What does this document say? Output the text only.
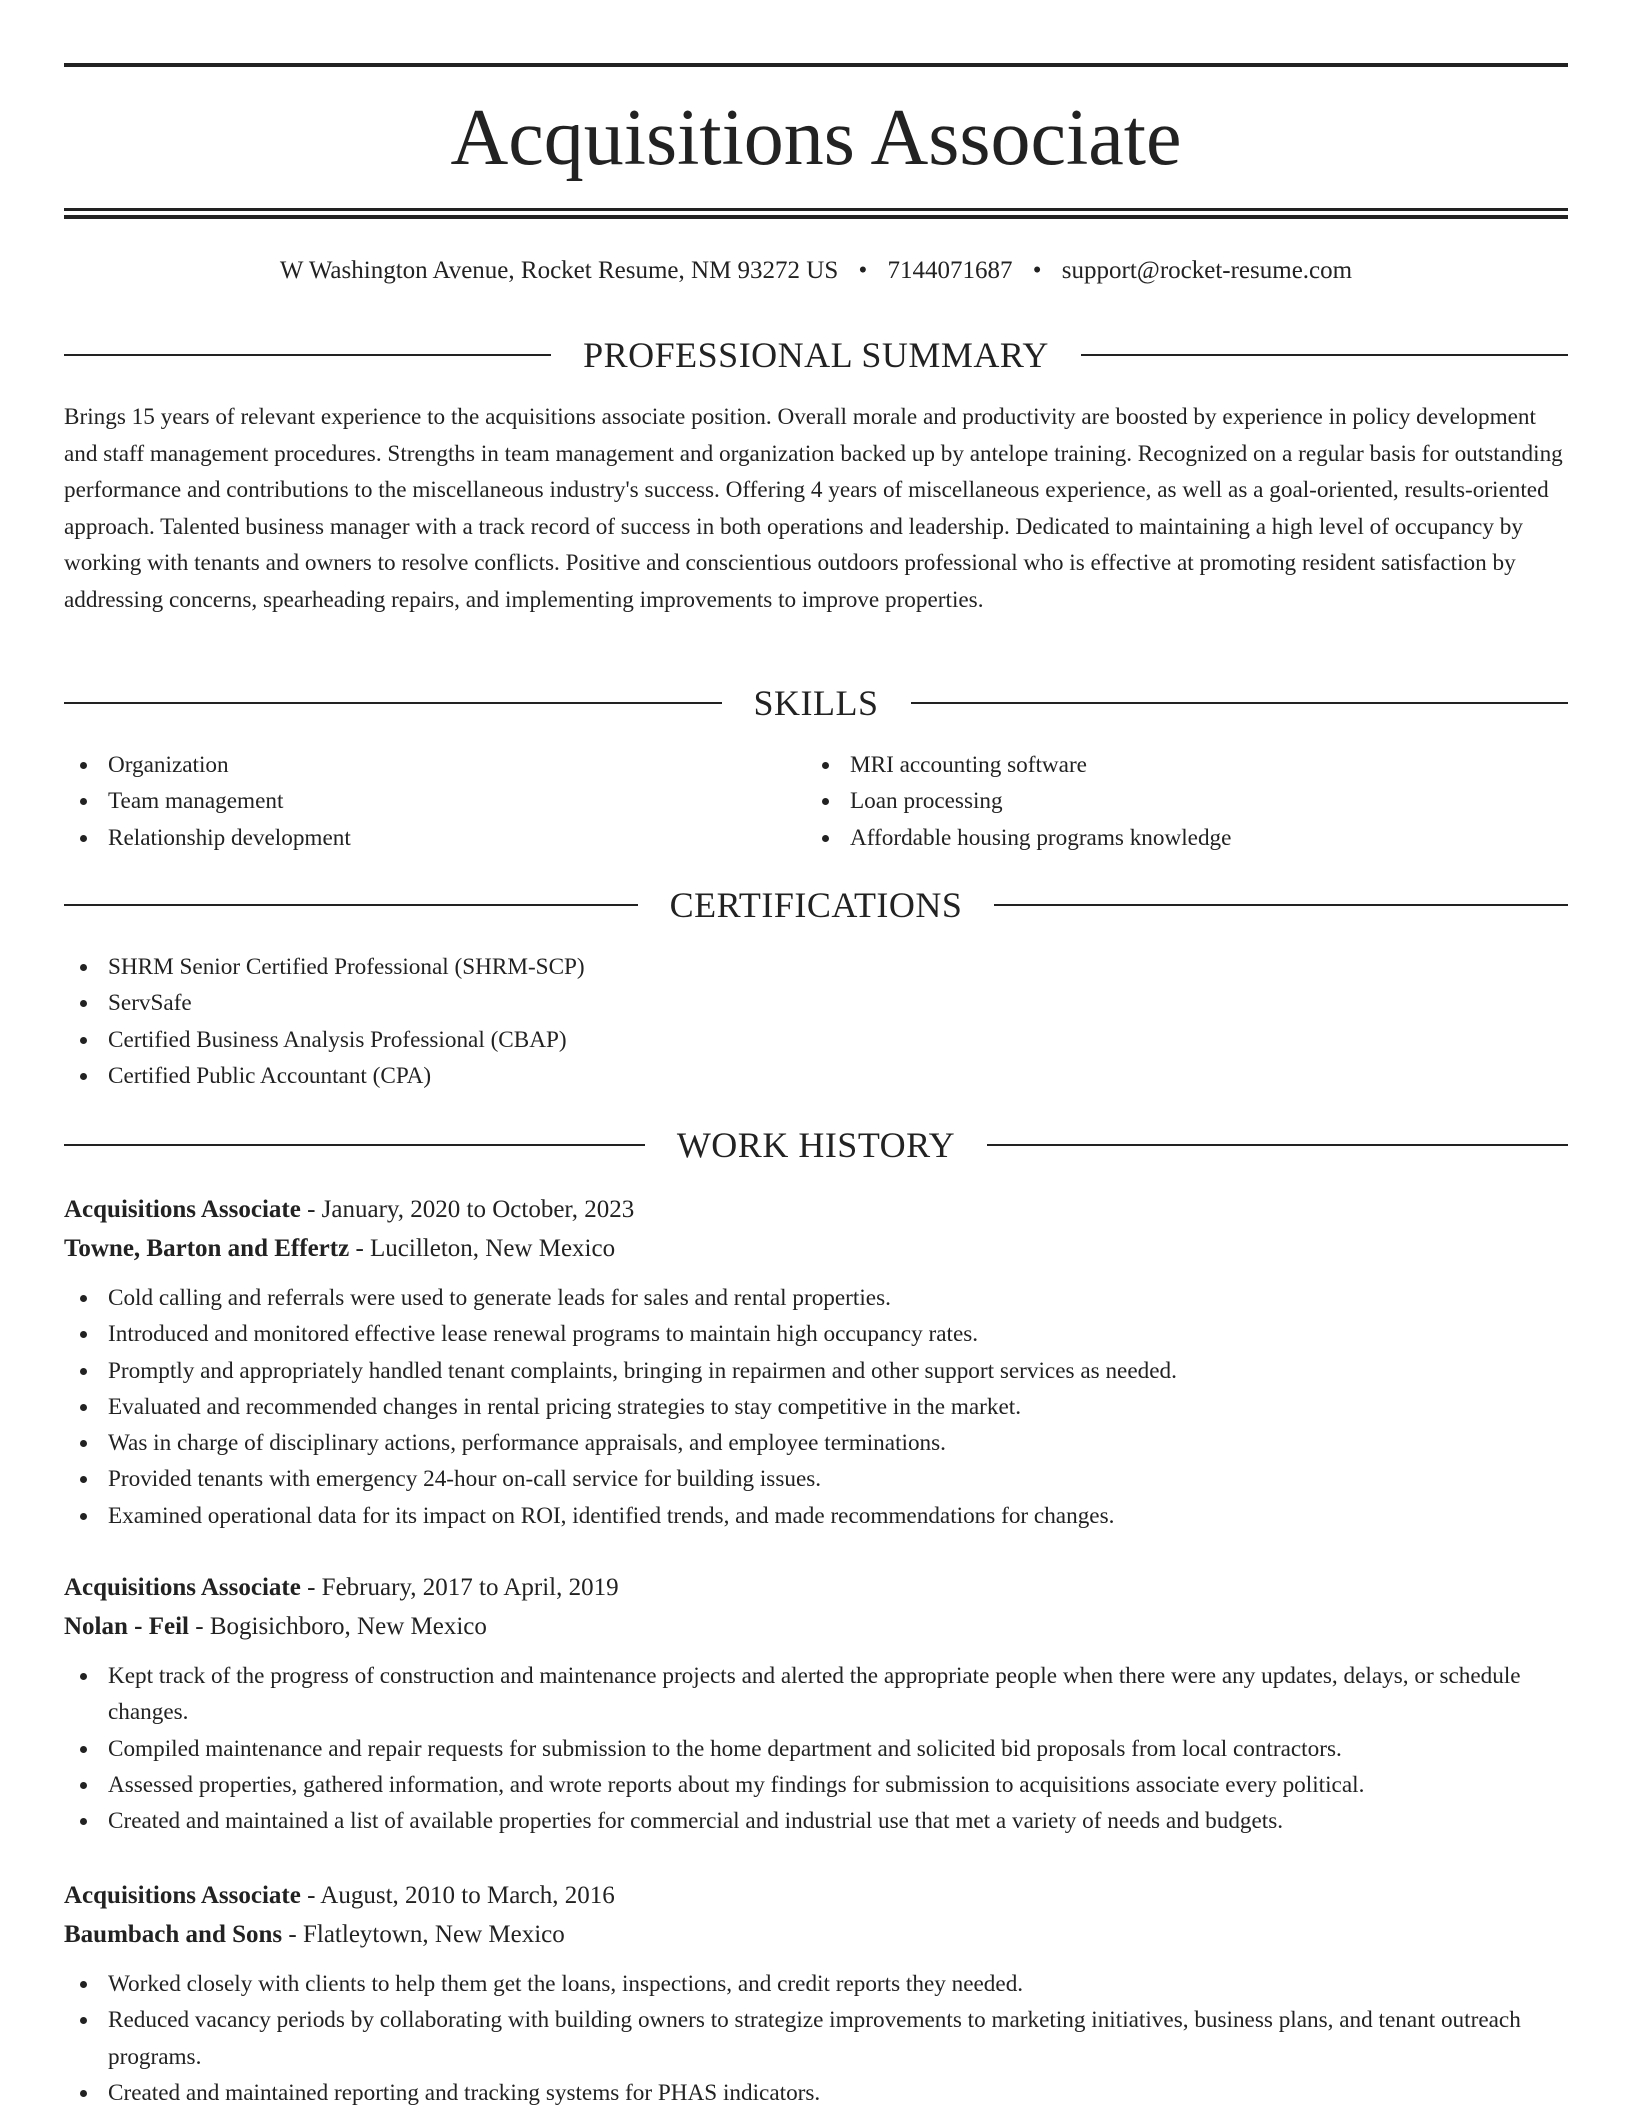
Acquisitions Associate
W Washington Avenue, Rocket Resume, NM 93272 US • 7144071687 • support@rocket-resume.com
PROFESSIONAL SUMMARY

Brings 15 years of relevant experience to the acquisitions associate position. Overall morale and productivity are boosted by experience in policy development and staff management procedures. Strengths in team management and organization backed up by antelope training. Recognized on a regular basis for outstanding performance and contributions to the miscellaneous industry's success. Offering 4 years of miscellaneous experience, as well as a goal-oriented, results-oriented approach. Talented business manager with a track record of success in both operations and leadership. Dedicated to maintaining a high level of occupancy by working with tenants and owners to resolve conflicts. Positive and conscientious outdoors professional who is effective at promoting resident satisfaction by addressing concerns, spearheading repairs, and implementing improvements to improve properties.

SKILLS
Organization
Team management
Relationship development
MRI accounting software
Loan processing
Affordable housing programs knowledge
CERTIFICATIONS
SHRM Senior Certified Professional (SHRM-SCP)
ServSafe
Certified Business Analysis Professional (CBAP)
Certified Public Accountant (CPA)
WORK HISTORY
Acquisitions Associate - January, 2020 to October, 2023
Towne, Barton and Effertz - Lucilleton, New Mexico
Cold calling and referrals were used to generate leads for sales and rental properties.
Introduced and monitored effective lease renewal programs to maintain high occupancy rates.
Promptly and appropriately handled tenant complaints, bringing in repairmen and other support services as needed.
Evaluated and recommended changes in rental pricing strategies to stay competitive in the market.
Was in charge of disciplinary actions, performance appraisals, and employee terminations.
Provided tenants with emergency 24-hour on-call service for building issues.
Examined operational data for its impact on ROI, identified trends, and made recommendations for changes.
Acquisitions Associate - February, 2017 to April, 2019
Nolan - Feil - Bogisichboro, New Mexico
Kept track of the progress of construction and maintenance projects and alerted the appropriate people when there were any updates, delays, or schedule changes.
Compiled maintenance and repair requests for submission to the home department and solicited bid proposals from local contractors.
Assessed properties, gathered information, and wrote reports about my findings for submission to acquisitions associate every political.
Created and maintained a list of available properties for commercial and industrial use that met a variety of needs and budgets.
Acquisitions Associate - August, 2010 to March, 2016
Baumbach and Sons - Flatleytown, New Mexico
Worked closely with clients to help them get the loans, inspections, and credit reports they needed.
Reduced vacancy periods by collaborating with building owners to strategize improvements to marketing initiatives, business plans, and tenant outreach programs.
Created and maintained reporting and tracking systems for PHAS indicators.
